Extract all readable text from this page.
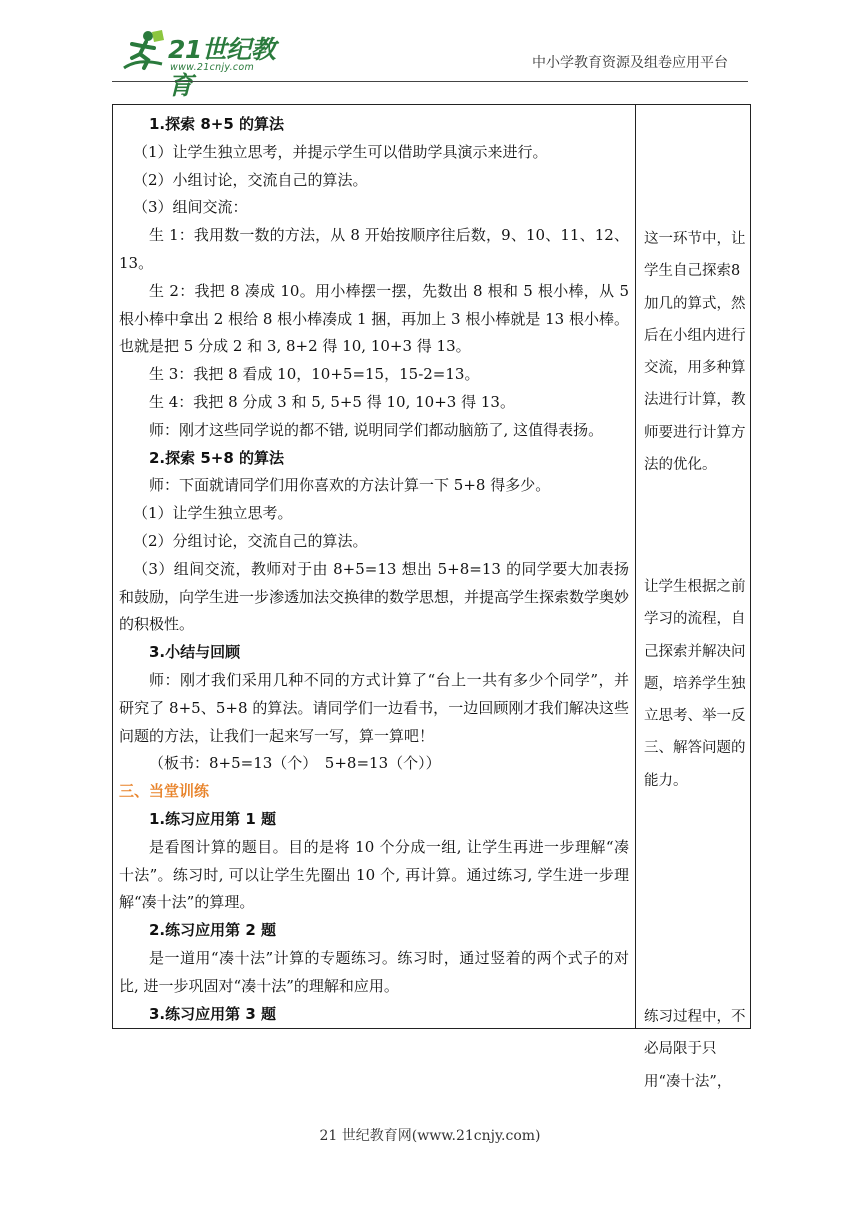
21世纪教育
www.21cnjy.com	中小学教育资源及组卷应用平台
1.探索 8+5 的算法
（1）让学生独立思考，并提示学生可以借助学具演示来进行。
（2）小组讨论，交流自己的算法。
（3）组间交流：
生 1：我用数一数的方法，从 8 开始按顺序往后数，9、10、11、12、13。
生 2：我把 8 凑成 10。用小棒摆一摆，先数出 8 根和 5 根小棒，从 5 根小棒中拿出 2 根给 8 根小棒凑成 1 捆，再加上 3 根小棒就是 13 根小棒。也就是把 5 分成 2 和 3, 8+2 得 10, 10+3 得 13。
生 3：我把 8 看成 10，10+5=15，15-2=13。
生 4：我把 8 分成 3 和 5, 5+5 得 10, 10+3 得 13。
师：刚才这些同学说的都不错, 说明同学们都动脑筋了, 这值得表扬。
2.探索 5+8 的算法
师：下面就请同学们用你喜欢的方法计算一下 5+8 得多少。
（1）让学生独立思考。
（2）分组讨论，交流自己的算法。
（3）组间交流，教师对于由 8+5=13 想出 5+8=13 的同学要大加表扬和鼓励，向学生进一步渗透加法交换律的数学思想，并提高学生探索数学奥妙的积极性。
3.小结与回顾
师：刚才我们采用几种不同的方式计算了“台上一共有多少个同学”，并研究了 8+5、5+8 的算法。请同学们一边看书，一边回顾刚才我们解决这些问题的方法，让我们一起来写一写，算一算吧！
（板书：8+5=13（个）　5+8=13（个））
三、当堂训练
1.练习应用第 1 题
是看图计算的题目。目的是将 10 个分成一组, 让学生再进一步理解“凑十法”。练习时, 可以让学生先圈出 10 个, 再计算。通过练习, 学生进一步理解“凑十法”的算理。
2.练习应用第 2 题
是一道用“凑十法”计算的专题练习。练习时，通过竖着的两个式子的对比, 进一步巩固对“凑十法”的理解和应用。
3.练习应用第 3 题

这一环节中，让学生自己探索8加几的算式，然后在小组内进行交流，用多种算法进行计算，教师要进行计算方法的优化。
让学生根据之前学习的流程，自己探索并解决问题，培养学生独立思考、举一反三、解答问题的能力。
练习过程中，不必局限于只用“凑十法”，
21 世纪教育网(www.21cnjy.com)
